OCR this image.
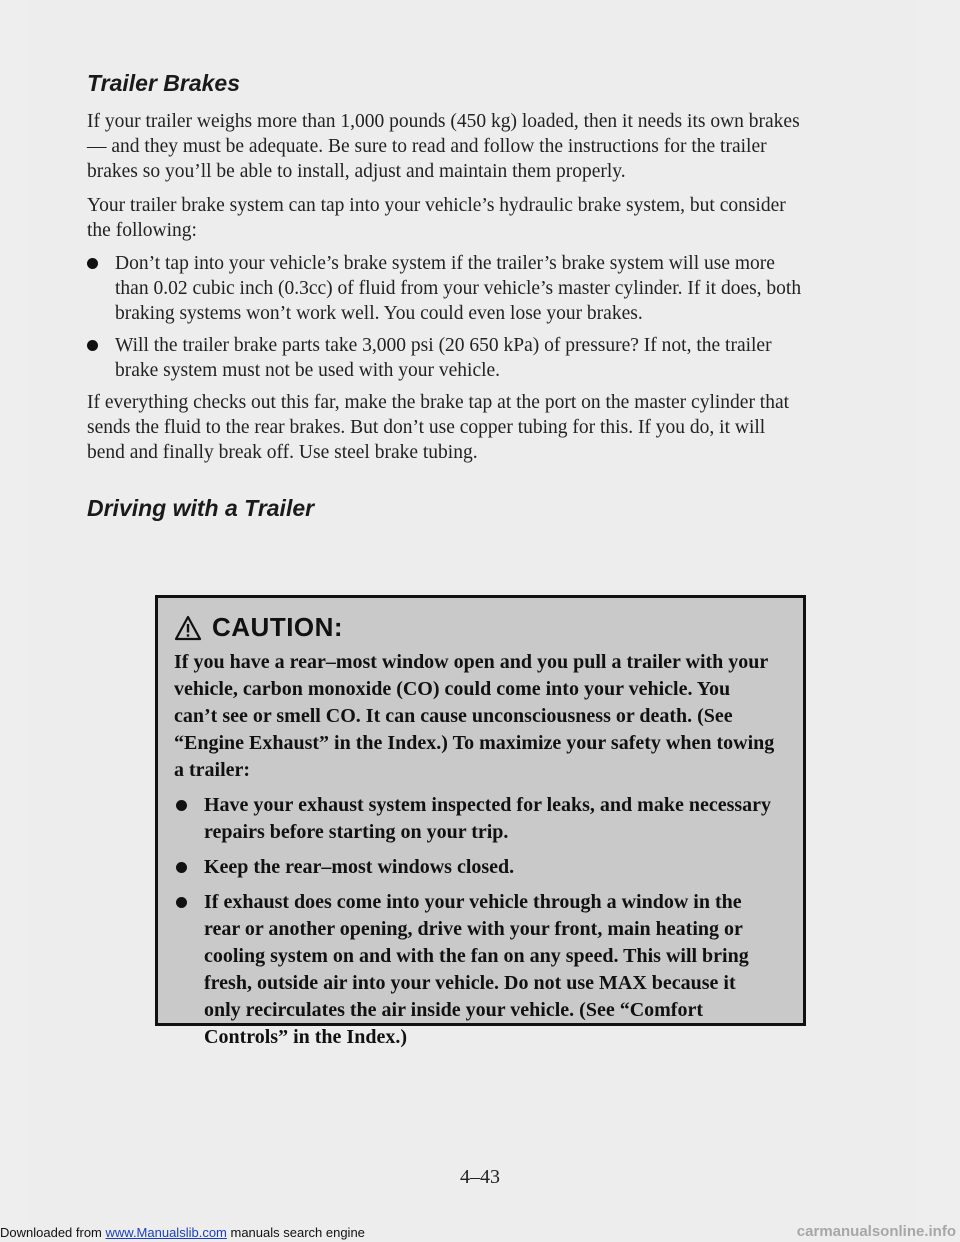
Trailer Brakes

If your trailer weighs more than 1,000 pounds (450 kg) loaded, then it needs its own brakes — and they must be adequate. Be sure to read and follow the instructions for the trailer brakes so you’ll be able to install, adjust and maintain them properly.

Your trailer brake system can tap into your vehicle’s hydraulic brake system, but consider the following:

Don’t tap into your vehicle’s brake system if the trailer’s brake system will use more than 0.02 cubic inch (0.3cc) of fluid from your vehicle’s master cylinder. If it does, both braking systems won’t work well. You could even lose your brakes.
Will the trailer brake parts take 3,000 psi (20 650 kPa) of pressure? If not, the trailer brake system must not be used with your vehicle.

If everything checks out this far, make the brake tap at the port on the master cylinder that sends the fluid to the rear brakes. But don’t use copper tubing for this. If you do, it will bend and finally break off. Use steel brake tubing.

Driving with a Trailer
CAUTION:

If you have a rear–most window open and you pull a trailer with your vehicle, carbon monoxide (CO) could come into your vehicle. You can’t see or smell CO. It can cause unconsciousness or death. (See “Engine Exhaust” in the Index.) To maximize your safety when towing a trailer:

Have your exhaust system inspected for leaks, and make necessary repairs before starting on your trip.
Keep the rear–most windows closed.
If exhaust does come into your vehicle through a window in the rear or another opening, drive with your front, main heating or cooling system on and with the fan on any speed. This will bring fresh, outside air into your vehicle. Do not use MAX because it only recirculates the air inside your vehicle. (See “Comfort Controls” in the Index.)
4–43
Downloaded from www.Manualslib.com manuals search engine	carmanualsonline.info
